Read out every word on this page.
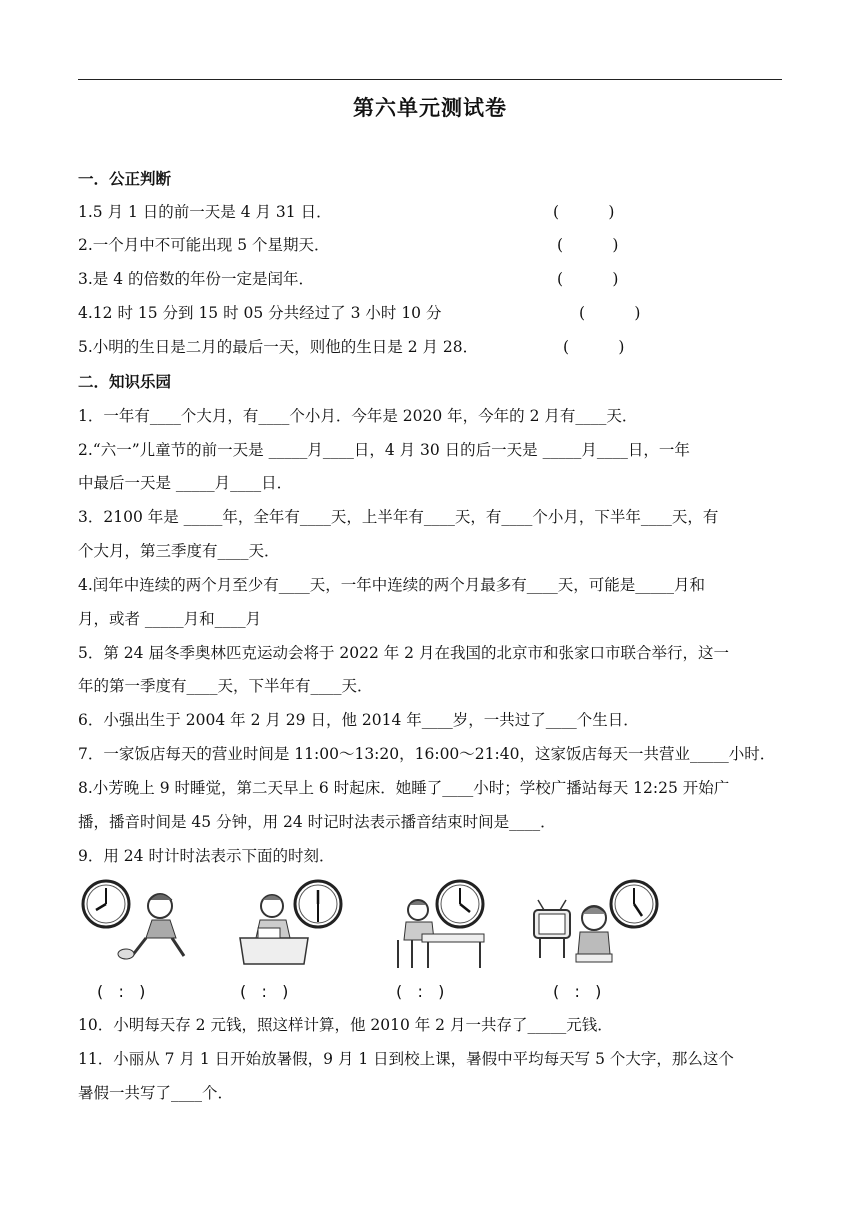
第六单元测试卷
一．公正判断
1.5 月 1 日的前一天是 4 月 31 日．	(          )
2.一个月中不可能出现 5 个星期天．	(          )
3.是 4 的倍数的年份一定是闰年．	(          )
4.12 时 15 分到 15 时 05 分共经过了 3 小时 10 分	(          )
5.小明的生日是二月的最后一天，则他的生日是 2 月 28．	(          )
二．知识乐园
1．一年有____个大月，有____个小月．今年是 2020 年，今年的 2 月有____天．
2.“六一”儿童节的前一天是 _____月____日，4 月 30 日的后一天是 _____月____日，一年
中最后一天是 _____月____日．
3．2100 年是 _____年，全年有____天，上半年有____天，有____个小月，下半年____天，有
个大月，第三季度有____天．
4.闰年中连续的两个月至少有____天，一年中连续的两个月最多有____天，可能是_____月和
月，或者 _____月和____月
5．第 24 届冬季奥林匹克运动会将于 2022 年 2 月在我国的北京市和张家口市联合举行，这一
年的第一季度有____天，下半年有____天．
6．小强出生于 2004 年 2 月 29 日，他 2014 年____岁，一共过了____个生日．
7．一家饭店每天的营业时间是 11:00～13:20，16:00～21:40，这家饭店每天一共营业_____小时．
8.小芳晚上 9 时睡觉，第二天早上 6 时起床．她睡了____小时；学校广播站每天 12:25 开始广
播，播音时间是 45 分钟，用 24 时记时法表示播音结束时间是____．
9．用 24 时计时法表示下面的时刻．
(   :   )	(   :   )	(   :   )	(   :   )
10．小明每天存 2 元钱，照这样计算，他 2010 年 2 月一共存了_____元钱．
11．小丽从 7 月 1 日开始放暑假，9 月 1 日到校上课，暑假中平均每天写 5 个大字，那么这个
暑假一共写了____个．
